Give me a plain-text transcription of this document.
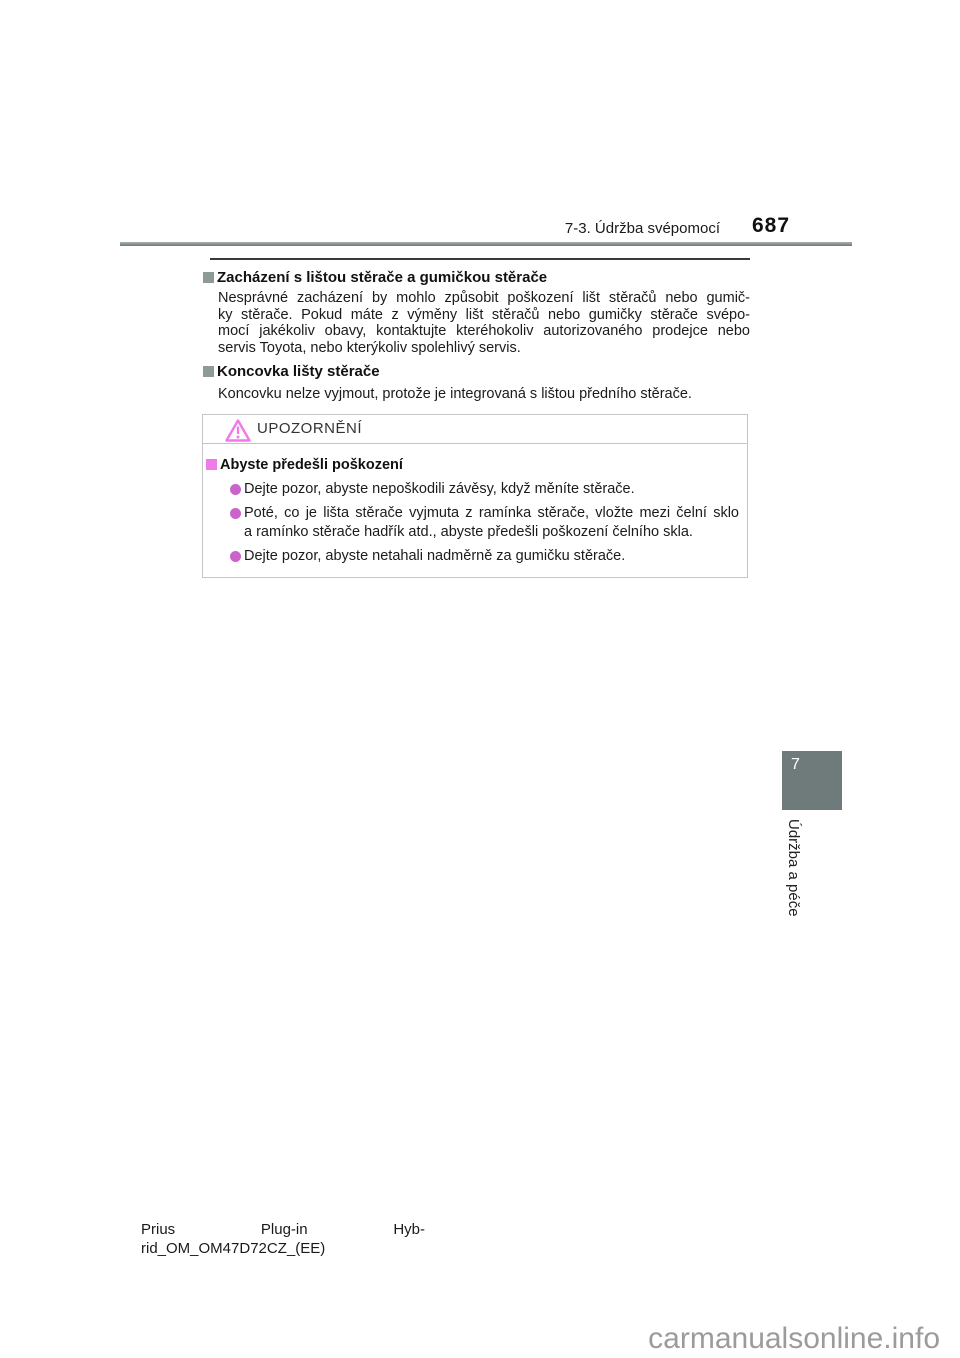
7-3. Údržba svépomocí 687
Zacházení s lištou stěrače a gumičkou stěrače
Nesprávné zacházení by mohlo způsobit poškození lišt stěračů nebo gumič-
ky stěrače. Pokud máte z výměny lišt stěračů nebo gumičky stěrače svépo-
mocí jakékoliv obavy, kontaktujte kteréhokoliv autorizovaného prodejce nebo
servis Toyota, nebo kterýkoliv spolehlivý servis.
Koncovka lišty stěrače
Koncovku nelze vyjmout, protože je integrovaná s lištou předního stěrače.
UPOZORNĚNÍ
Abyste předešli poškození
Dejte pozor, abyste nepoškodili závěsy, když měníte stěrače.
Poté, co je lišta stěrače vyjmuta z ramínka stěrače, vložte mezi čelní sklo
a ramínko stěrače hadřík atd., abyste předešli poškození čelního skla.
Dejte pozor, abyste netahali nadměrně za gumičku stěrače.
7
Údržba a péče
Prius	Plug-in	Hyb-
rid_OM_OM47D72CZ_(EE)
carmanualsonline.info
